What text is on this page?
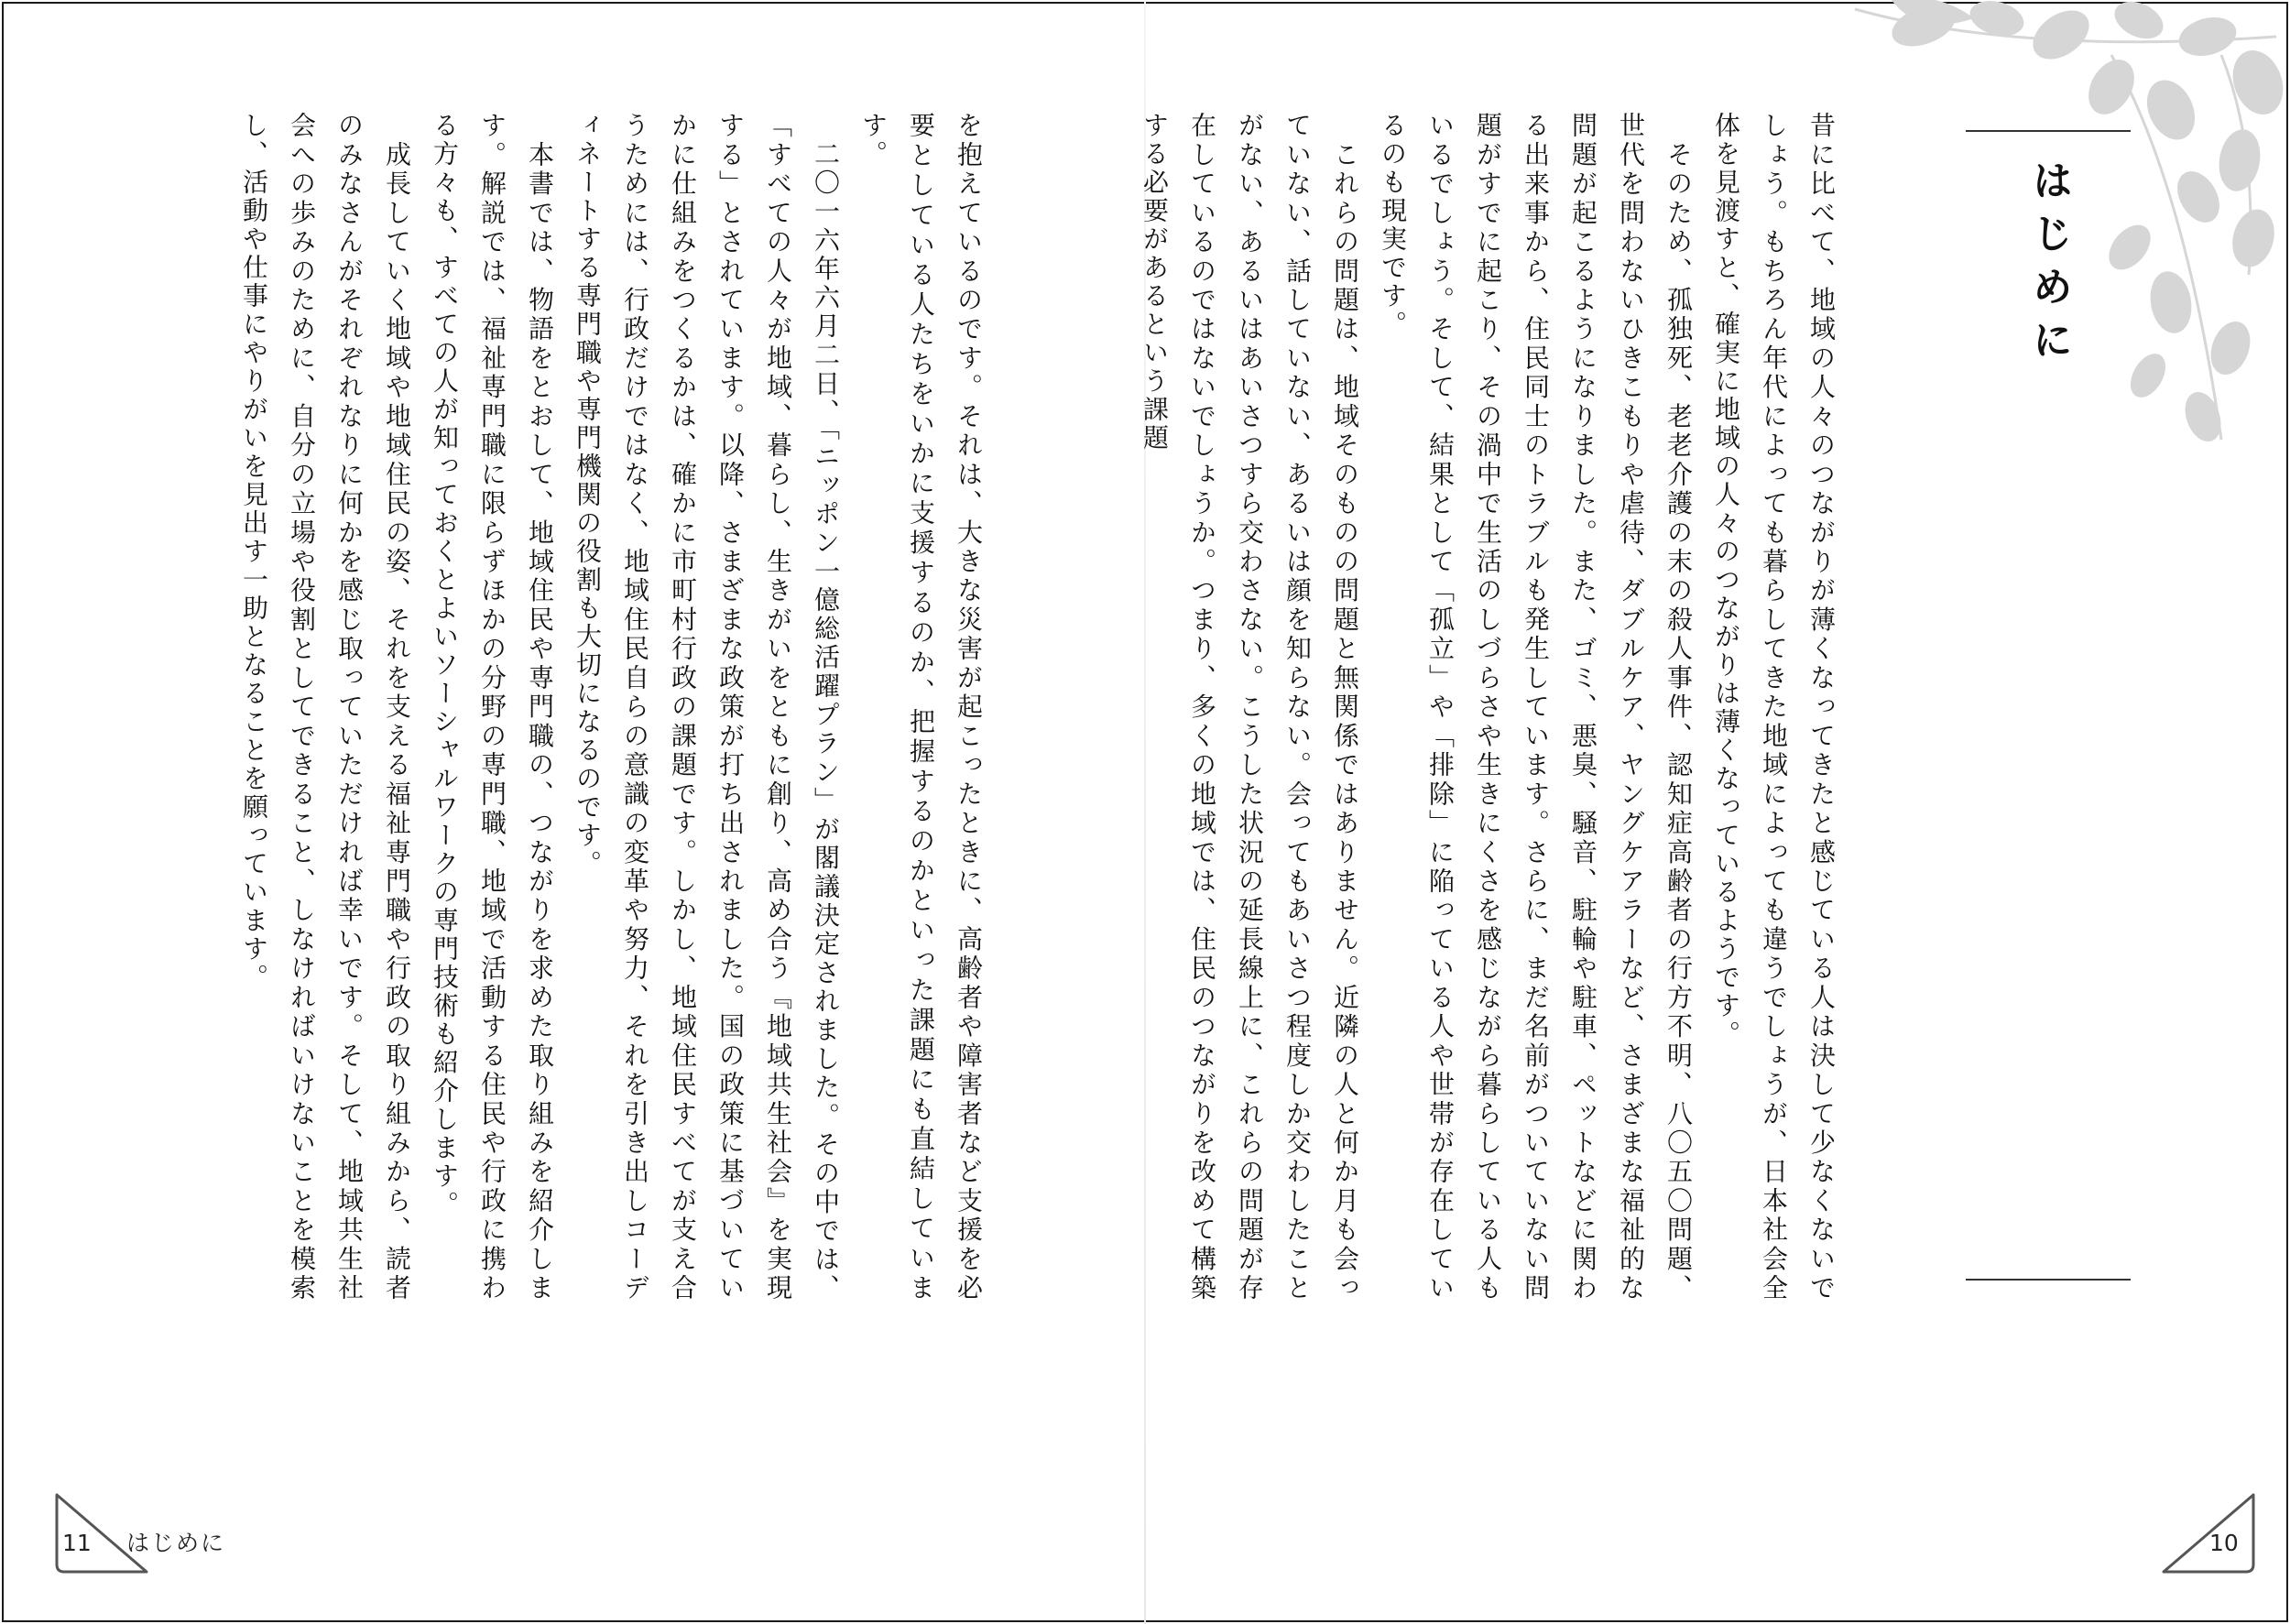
はじめに
昔に比べて、地域の人々のつながりが薄くなってきたと感じている人は決して少なくないでしょう。もちろん年代によっても暮らしてきた地域によっても違うでしょうが、日本社会全体を見渡すと、確実に地域の人々のつながりは薄くなっているようです。
　そのため、孤独死、老老介護の末の殺人事件、認知症高齢者の行方不明、八〇五〇問題、世代を問わないひきこもりや虐待、ダブルケア、ヤングケアラーなど、さまざまな福祉的な問題が起こるようになりました。また、ゴミ、悪臭、騒音、駐輪や駐車、ペットなどに関わる出来事から、住民同士のトラブルも発生しています。さらに、まだ名前がついていない問題がすでに起こり、その渦中で生活のしづらさや生きにくさを感じながら暮らしている人もいるでしょう。そして、結果として「孤立」や「排除」に陥っている人や世帯が存在しているのも現実です。
　これらの問題は、地域そのものの問題と無関係ではありません。近隣の人と何か月も会っていない、話していない、あるいは顔を知らない。会ってもあいさつ程度しか交わしたことがない、あるいはあいさつすら交わさない。こうした状況の延長線上に、これらの問題が存在しているのではないでしょうか。つまり、多くの地域では、住民のつながりを改めて構築する必要があるという課題
を抱えているのです。それは、大きな災害が起こったときに、高齢者や障害者など支援を必要としている人たちをいかに支援するのか、把握するのかといった課題にも直結しています。
　二〇一六年六月二日、「ニッポン一億総活躍プラン」が閣議決定されました。その中では、「すべての人々が地域、暮らし、生きがいをともに創り、高め合う『地域共生社会』を実現する」とされています。以降、さまざまな政策が打ち出されました。国の政策に基づいていかに仕組みをつくるかは、確かに市町村行政の課題です。しかし、地域住民すべてが支え合うためには、行政だけではなく、地域住民自らの意識の変革や努力、それを引き出しコーディネートする専門職や専門機関の役割も大切になるのです。
　本書では、物語をとおして、地域住民や専門職の、つながりを求めた取り組みを紹介します。解説では、福祉専門職に限らずほかの分野の専門職、地域で活動する住民や行政に携わる方々も、すべての人が知っておくとよいソーシャルワークの専門技術も紹介します。
　成長していく地域や地域住民の姿、それを支える福祉専門職や行政の取り組みから、読者のみなさんがそれぞれなりに何かを感じ取っていただければ幸いです。そして、地域共生社会への歩みのために、自分の立場や役割としてできること、しなければいけないことを模索し、活動や仕事にやりがいを見出す一助となることを願っています。
11 はじめに	10
